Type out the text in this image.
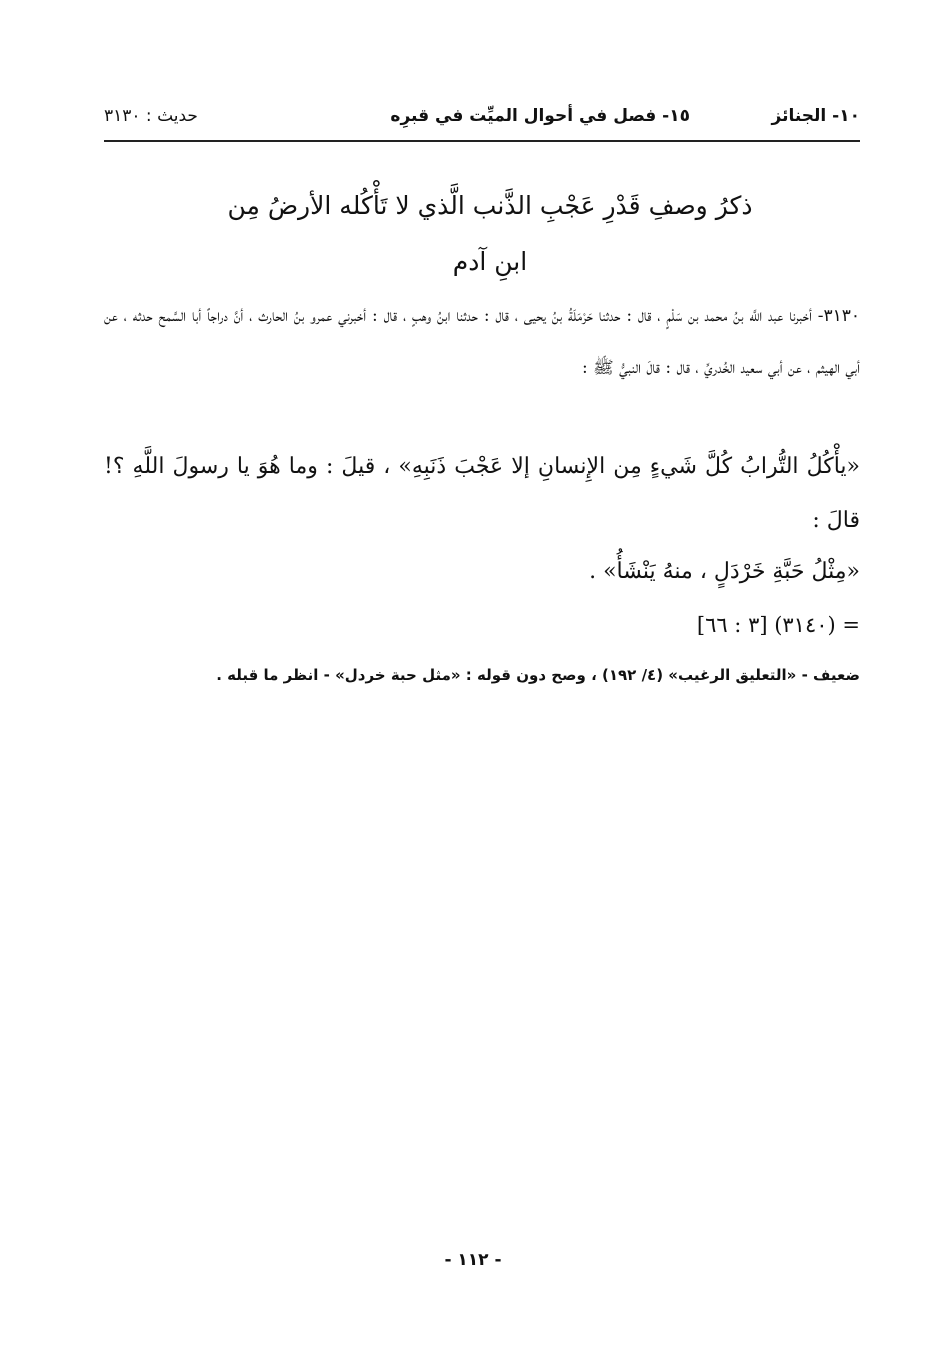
١٠- الجنائز
١٥- فصل في أحوال الميِّت في قبرِه
حديث : ٣١٣٠

ذكرُ وصفِ قَدْرِ عَجْبِ الذَّنب الَّذي لا تَأْكُله الأرضُ مِن

ابنِ آدم

٣١٣٠- أخبرنا عبد اللَّه بنُ محمد بن سَلْمٍ ، قال : حدثنا حَرْمَلَةُ بنُ يحيى ، قال : حدثنا ابنُ وهبٍ ، قال : أخبرني عمرو بنُ الحارث ، أنَّ دراجاً أبا السَّمح حدثه ، عن أبي الهيثم ، عن أبي سعيد الخُدريِّ ، قال : قالَ النبيُّ ﷺ :

«يأْكُلُ التُّرابُ كُلَّ شَيءٍ مِن الإِنسانِ إلا عَجْبَ ذَنَبِهِ» ، قيلَ : وما هُوَ يا رسولَ اللَّهِ ؟! قالَ :

«مِثْلُ حَبَّةِ خَرْدَلٍ ، منهُ يَنْشَأُ» .

= (٣١٤٠) [٣ : ٦٦]

ضعيف - «التعليق الرغيب» (٤/ ١٩٢) ، وصح دون قوله : «مثل حبة خردل» - انظر ما قبله .

- ١١٢ -
